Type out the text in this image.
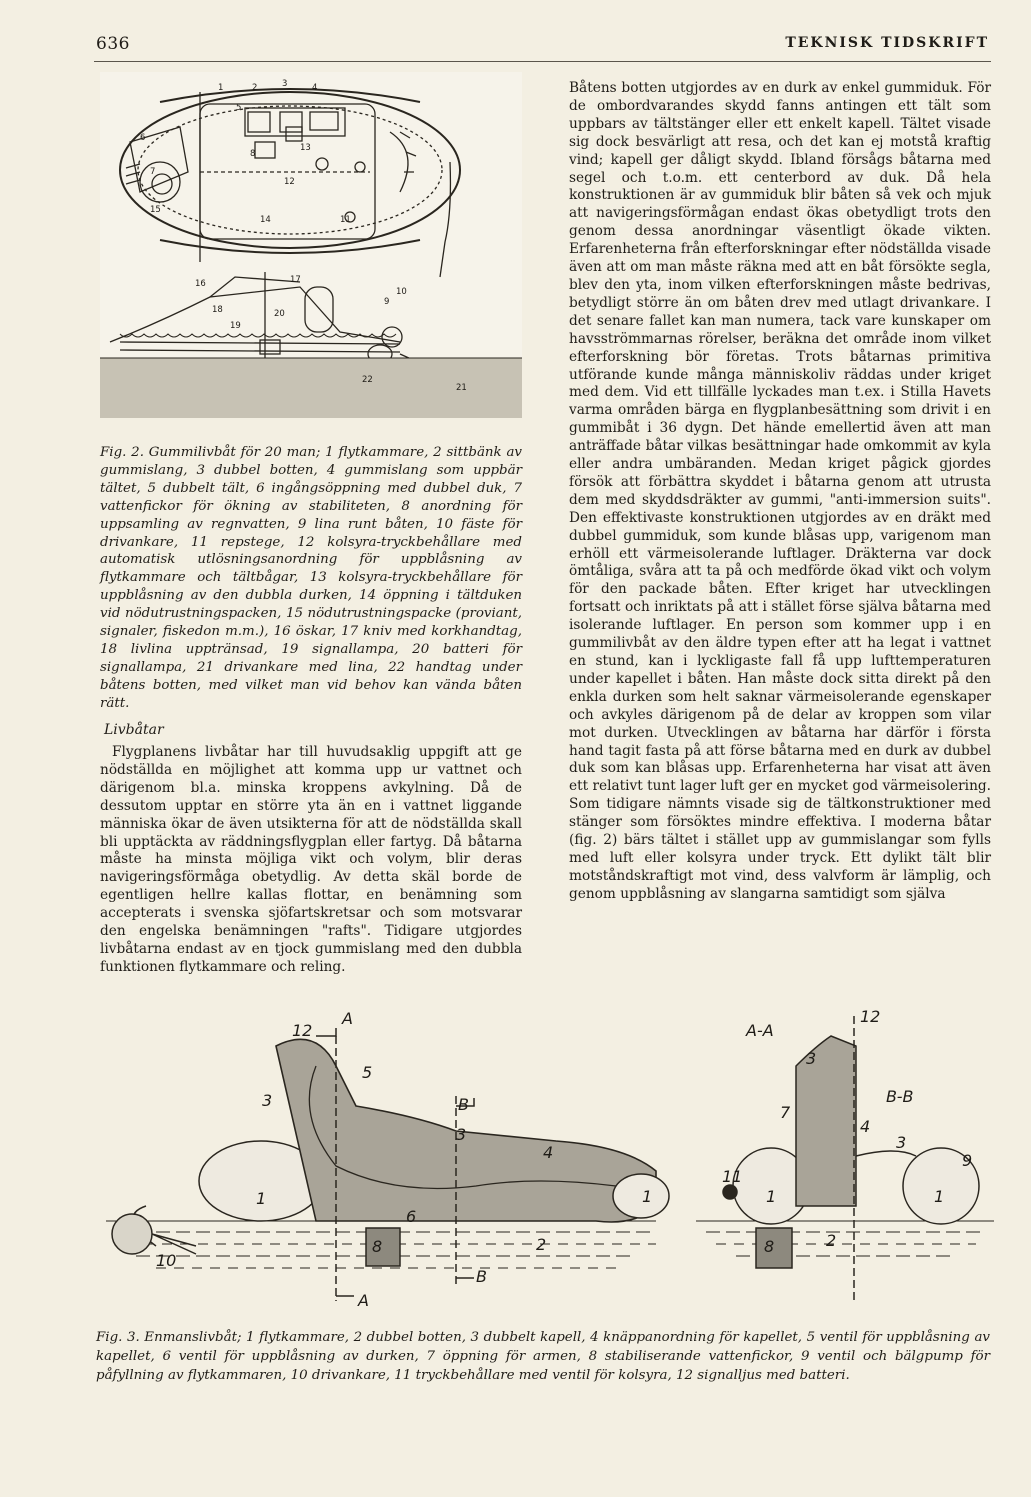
636	TEKNISK TIDSKRIFT
1	2	3	4
5
6
7
8
9
10
11
12
13
14
15
16	17
18
19
20
21
22
Fig. 2. Gummilivbåt för 20 man; 1 flytkammare, 2 sittbänk av gummislang, 3 dubbel botten, 4 gummislang som uppbär tältet, 5 dubbelt tält, 6 ingångsöppning med dubbel duk, 7 vattenfickor för ökning av stabiliteten, 8 anordning för uppsamling av regnvatten, 9 lina runt båten, 10 fäste för drivankare, 11 repstege, 12 kolsyra-tryckbehållare med automatisk utlösningsanordning för uppblåsning av flytkammare och tältbågar, 13 kolsyra-tryckbehållare för uppblåsning av den dubbla durken, 14 öppning i tältduken vid nödutrustningspacken, 15 nödutrustningspacke (proviant, signaler, fiskedon m.m.), 16 öskar, 17 kniv med korkhandtag, 18 livlina upptränsad, 19 signallampa, 20 batteri för signallampa, 21 drivankare med lina, 22 handtag under båtens botten, med vilket man vid behov kan vända båten rätt.
Livbåtar
Flygplanens livbåtar har till huvudsaklig uppgift att ge nödställda en möjlighet att komma upp ur vattnet och därigenom bl.a. minska kroppens avkylning. Då de dessutom upptar en större yta än en i vattnet liggande människa ökar de även utsikterna för att de nödställda skall bli upptäckta av räddningsflygplan eller fartyg. Då båtarna måste ha minsta möjliga vikt och volym, blir deras navigeringsförmåga obetydlig. Av detta skäl borde de egentligen hellre kallas flottar, en benämning som accepterats i svenska sjöfartskretsar och som motsvarar den engelska benämningen "rafts". Tidigare utgjordes livbåtarna endast av en tjock gummislang med den dubbla funktionen flytkammare och reling.
Båtens botten utgjordes av en durk av enkel gummiduk. För de ombordvarandes skydd fanns antingen ett tält som uppbars av tältstänger eller ett enkelt kapell. Tältet visade sig dock besvärligt att resa, och det kan ej motstå kraftig vind; kapell ger dåligt skydd. Ibland försågs båtarna med segel och t.o.m. ett centerbord av duk. Då hela konstruktionen är av gummiduk blir båten så vek och mjuk att navigeringsförmågan endast ökas obetydligt trots den genom dessa anordningar väsentligt ökade vikten. Erfarenheterna från efterforskningar efter nödställda visade även att om man måste räkna med att en båt försökte segla, blev den yta, inom vilken efterforskningen måste bedrivas, betydligt större än om båten drev med utlagt drivankare. I det senare fallet kan man numera, tack vare kunskaper om havsströmmarnas rörelser, beräkna det område inom vilket efterforskning bör företas. Trots båtarnas primitiva utförande kunde många människoliv räddas under kriget med dem. Vid ett tillfälle lyckades man t.ex. i Stilla Havets varma områden bärga en flygplanbesättning som drivit i en gummibåt i 36 dygn. Det hände emellertid även att man anträffade båtar vilkas besättningar hade omkommit av kyla eller andra umbäranden. Medan kriget pågick gjordes försök att förbättra skyddet i båtarna genom att utrusta dem med skyddsdräkter av gummi, "anti-immersion suits". Den effektivaste konstruktionen utgjordes av en dräkt med dubbel gummiduk, som kunde blåsas upp, varigenom man erhöll ett värmeisolerande luftlager. Dräkterna var dock ömtåliga, svåra att ta på och medförde ökad vikt och volym för den packade båten. Efter kriget har utvecklingen fortsatt och inriktats på att i stället förse själva båtarna med isolerande luftlager. En person som kommer upp i en gummilivbåt av den äldre typen efter att ha legat i vattnet en stund, kan i lyckligaste fall få upp lufttemperaturen under kapellet i båten. Han måste dock sitta direkt på den enkla durken som helt saknar värmeisolerande egenskaper och avkyles därigenom på de delar av kroppen som vilar mot durken. Utvecklingen av båtarna har därför i första hand tagit fasta på att förse båtarna med en durk av dubbel duk som kan blåsas upp. Erfarenheterna har visat att även ett relativt tunt lager luft ger en mycket god värmeisolering. Som tidigare nämnts visade sig de tältkonstruktioner med stänger som försöktes mindre effektiva. I moderna båtar (fig. 2) bärs tältet i stället upp av gummislangar som fylls med luft eller kolsyra under tryck. Ett dylikt tält blir motståndskraftigt mot vind, dess valvform är lämplig, och genom uppblåsning av slangarna samtidigt som själva
12
A
5
3	B
3
4
1	1
6
2
8
10
A
B
A-A
12
3
B-B
7
4
3
9
11
1	1
8	2
Fig. 3. Enmanslivbåt; 1 flytkammare, 2 dubbel botten, 3 dubbelt kapell, 4 knäppanordning för kapellet, 5 ventil för uppblåsning av kapellet, 6 ventil för uppblåsning av durken, 7 öppning för armen, 8 stabiliserande vattenfickor, 9 ventil och bälgpump för påfyllning av flytkammaren, 10 drivankare, 11 tryckbehållare med ventil för kolsyra, 12 signalljus med batteri.
